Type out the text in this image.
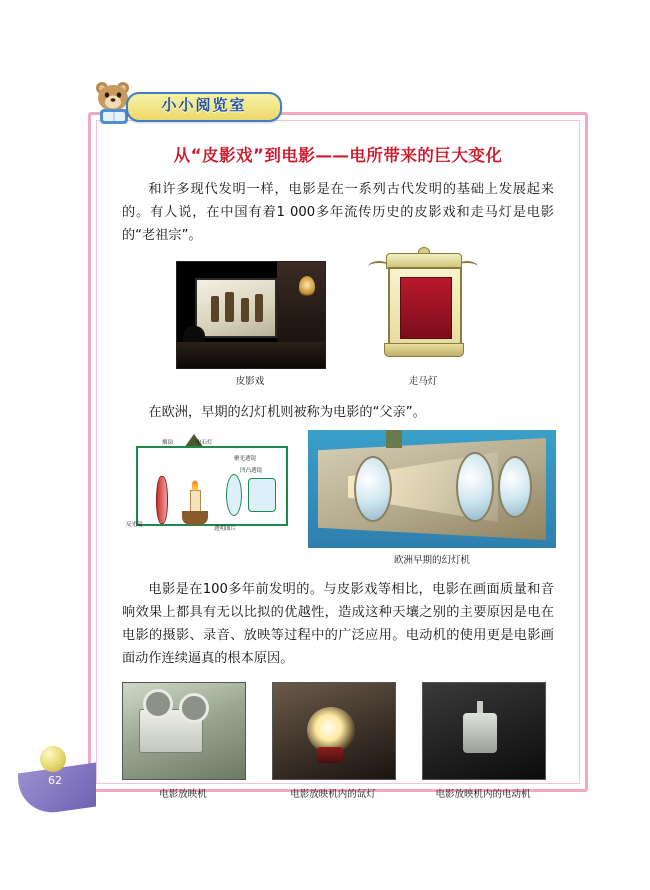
小小阅览室
从“皮影戏”到电影——电所带来的巨大变化

和许多现代发明一样，电影是在一系列古代发明的基础上发展起来的。有人说，在中国有着1 000多年流传历史的皮影戏和走马灯是电影的“老祖宗”。

皮影戏	走马灯

在欧洲，早期的幻灯机则被称为电影的“父亲”。

烟囱	电石灯
聚光透镜
凹凸透镜
反光镜
透明图片
欧洲早期的幻灯机

电影是在100多年前发明的。与皮影戏等相比，电影在画面质量和音响效果上都具有无以比拟的优越性，造成这种天壤之别的主要原因是电在电影的摄影、录音、放映等过程中的广泛应用。电动机的使用更是电影画面动作连续逼真的根本原因。

电影放映机	电影放映机内的氙灯	电影放映机内的电动机
62
